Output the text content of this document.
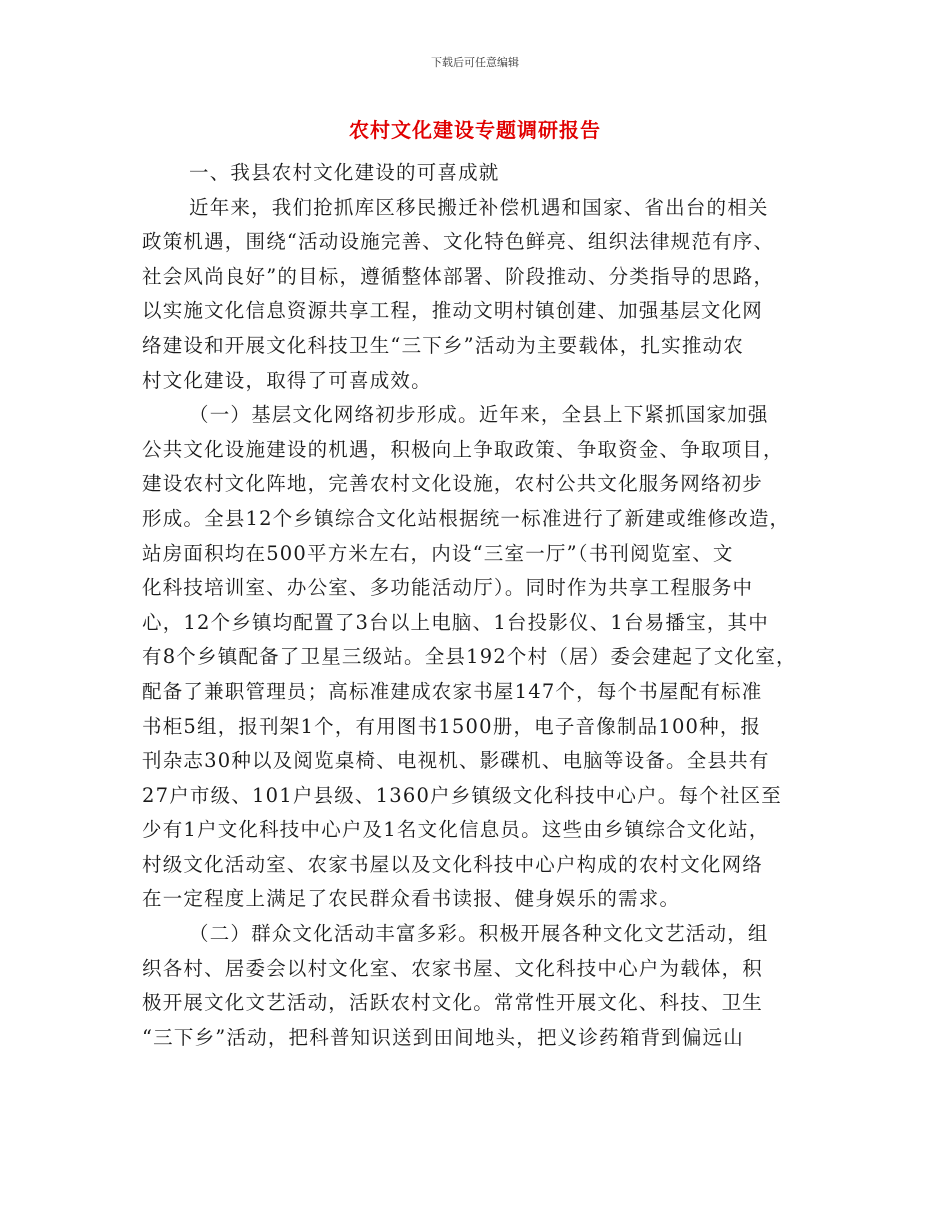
下载后可任意编辑
农村文化建设专题调研报告
一、我县农村文化建设的可喜成就
近年来，我们抢抓库区移民搬迁补偿机遇和国家、省出台的相关
政策机遇，围绕“活动设施完善、文化特色鲜亮、组织法律规范有序、
社会风尚良好”的目标，遵循整体部署、阶段推动、分类指导的思路，
以实施文化信息资源共享工程，推动文明村镇创建、加强基层文化网
络建设和开展文化科技卫生“三下乡”活动为主要载体，扎实推动农
村文化建设，取得了可喜成效。
（一）基层文化网络初步形成。近年来，全县上下紧抓国家加强
公共文化设施建设的机遇，积极向上争取政策、争取资金、争取项目，
建设农村文化阵地，完善农村文化设施，农村公共文化服务网络初步
形成。全县12个乡镇综合文化站根据统一标准进行了新建或维修改造，
站房面积均在500平方米左右，内设“三室一厅”（书刊阅览室、文
化科技培训室、办公室、多功能活动厅）。同时作为共享工程服务中
心，12个乡镇均配置了3台以上电脑、1台投影仪、1台易播宝，其中
有8个乡镇配备了卫星三级站。全县192个村（居）委会建起了文化室，
配备了兼职管理员；高标准建成农家书屋147个，每个书屋配有标准
书柜5组，报刊架1个，有用图书1500册，电子音像制品100种，报
刊杂志30种以及阅览桌椅、电视机、影碟机、电脑等设备。全县共有
27户市级、101户县级、1360户乡镇级文化科技中心户。每个社区至
少有1户文化科技中心户及1名文化信息员。这些由乡镇综合文化站，
村级文化活动室、农家书屋以及文化科技中心户构成的农村文化网络
在一定程度上满足了农民群众看书读报、健身娱乐的需求。
（二）群众文化活动丰富多彩。积极开展各种文化文艺活动，组
织各村、居委会以村文化室、农家书屋、文化科技中心户为载体，积
极开展文化文艺活动，活跃农村文化。常常性开展文化、科技、卫生
“三下乡”活动，把科普知识送到田间地头，把义诊药箱背到偏远山
